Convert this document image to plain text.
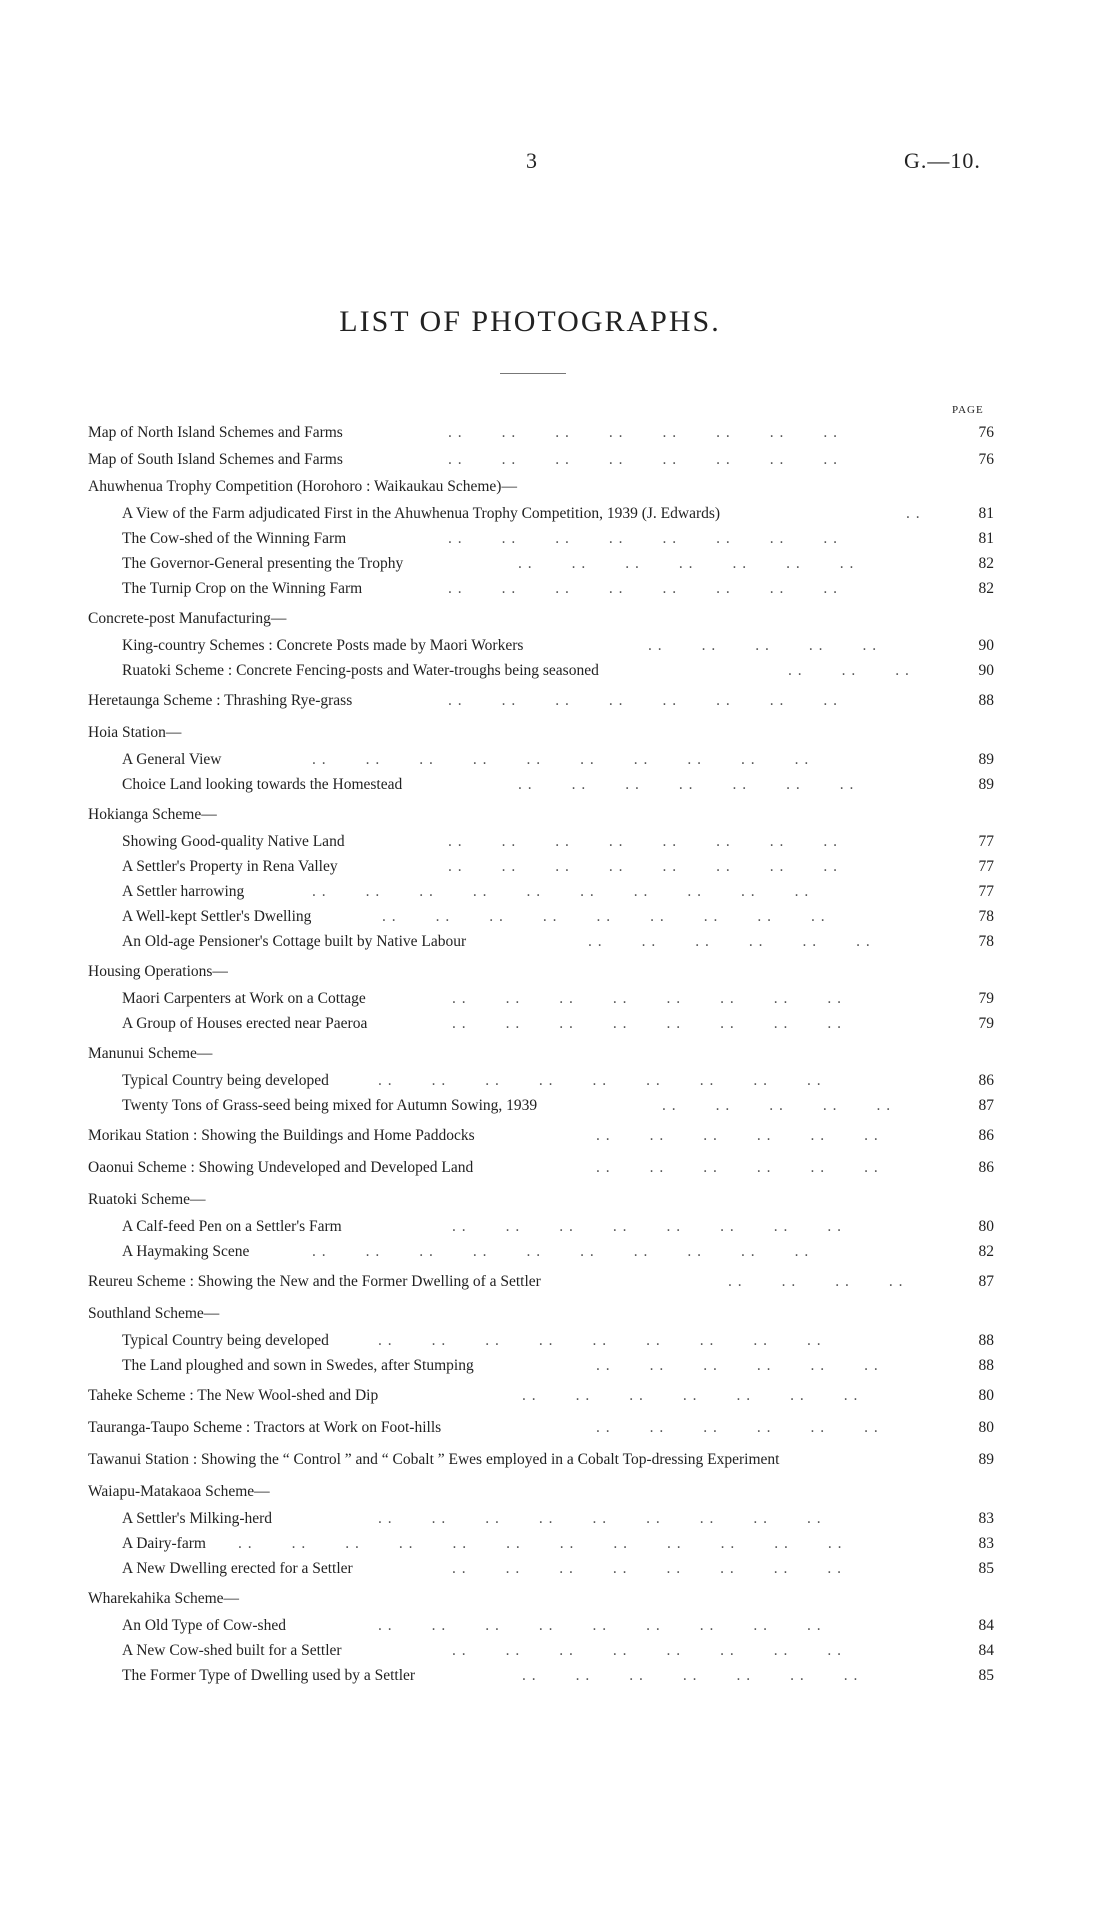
3	G.—10.
LIST OF PHOTOGRAPHS.
PAGE
Map of North Island Schemes and Farms	. .        . .        . .        . .        . .        . .        . .        . .	76
Map of South Island Schemes and Farms	. .        . .        . .        . .        . .        . .        . .        . .	76
Ahuwhenua Trophy Competition (Horohoro : Waikaukau Scheme)—
A View of the Farm adjudicated First in the Ahuwhenua Trophy Competition, 1939 (J. Edwards)	. .	81
The Cow-shed of the Winning Farm	. .        . .        . .        . .        . .        . .        . .        . .	81
The Governor-General presenting the Trophy	. .        . .        . .        . .        . .        . .        . .	82
The Turnip Crop on the Winning Farm	. .        . .        . .        . .        . .        . .        . .        . .	82
Concrete-post Manufacturing—
King-country Schemes : Concrete Posts made by Maori Workers	. .        . .        . .        . .        . .	90
Ruatoki Scheme : Concrete Fencing-posts and Water-troughs being seasoned	. .        . .        . .	90
Heretaunga Scheme : Thrashing Rye-grass	. .        . .        . .        . .        . .        . .        . .        . .	88
Hoia Station—
A General View	. .        . .        . .        . .        . .        . .        . .        . .        . .        . .	89
Choice Land looking towards the Homestead	. .        . .        . .        . .        . .        . .        . .	89
Hokianga Scheme—
Showing Good-quality Native Land	. .        . .        . .        . .        . .        . .        . .        . .	77
A Settler's Property in Rena Valley	. .        . .        . .        . .        . .        . .        . .        . .	77
A Settler harrowing	. .        . .        . .        . .        . .        . .        . .        . .        . .        . .	77
A Well-kept Settler's Dwelling	. .        . .        . .        . .        . .        . .        . .        . .        . .	78
An Old-age Pensioner's Cottage built by Native Labour	. .        . .        . .        . .        . .        . .	78
Housing Operations—
Maori Carpenters at Work on a Cottage	. .        . .        . .        . .        . .        . .        . .        . .	79
A Group of Houses erected near Paeroa	. .        . .        . .        . .        . .        . .        . .        . .	79
Manunui Scheme—
Typical Country being developed	. .        . .        . .        . .        . .        . .        . .        . .        . .	86
Twenty Tons of Grass-seed being mixed for Autumn Sowing, 1939	. .        . .        . .        . .        . .	87
Morikau Station : Showing the Buildings and Home Paddocks	. .        . .        . .        . .        . .        . .	86
Oaonui Scheme : Showing Undeveloped and Developed Land	. .        . .        . .        . .        . .        . .	86
Ruatoki Scheme—
A Calf-feed Pen on a Settler's Farm	. .        . .        . .        . .        . .        . .        . .        . .	80
A Haymaking Scene	. .        . .        . .        . .        . .        . .        . .        . .        . .        . .	82
Reureu Scheme : Showing the New and the Former Dwelling of a Settler	. .        . .        . .        . .	87
Southland Scheme—
Typical Country being developed	. .        . .        . .        . .        . .        . .        . .        . .        . .	88
The Land ploughed and sown in Swedes, after Stumping	. .        . .        . .        . .        . .        . .	88
Taheke Scheme : The New Wool-shed and Dip	. .        . .        . .        . .        . .        . .        . .	80
Tauranga-Taupo Scheme : Tractors at Work on Foot-hills	. .        . .        . .        . .        . .        . .	80
Tawanui Station : Showing the “ Control ” and “ Cobalt ” Ewes employed in a Cobalt Top-dressing Experiment	89
Waiapu-Matakaoa Scheme—
A Settler's Milking-herd	. .        . .        . .        . .        . .        . .        . .        . .        . .	83
A Dairy-farm . .        . .        . .        . .        . .        . .        . .        . .        . .        . .        . .        . .	83
A New Dwelling erected for a Settler	. .        . .        . .        . .        . .        . .        . .        . .	85
Wharekahika Scheme—
An Old Type of Cow-shed	. .        . .        . .        . .        . .        . .        . .        . .        . .	84
A New Cow-shed built for a Settler	. .        . .        . .        . .        . .        . .        . .        . .	84
The Former Type of Dwelling used by a Settler	. .        . .        . .        . .        . .        . .        . .	85
